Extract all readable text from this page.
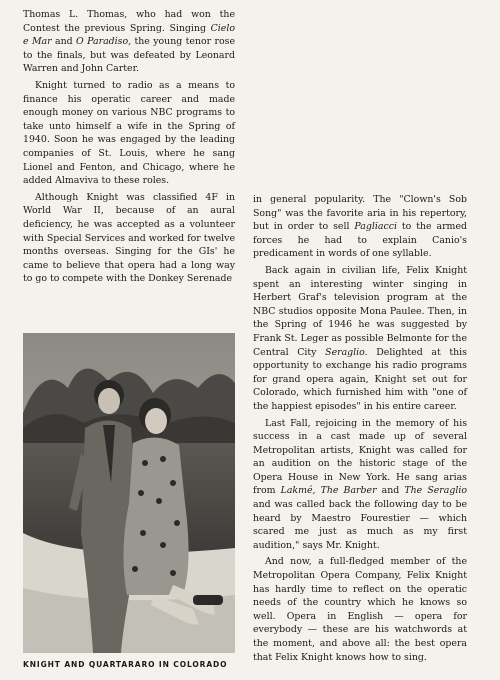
Thomas L. Thomas, who had won the Contest the previous Spring. Singing Cielo e Mar and O Paradiso, the young tenor rose to the finals, but was defeated by Leonard Warren and John Carter.

Knight turned to radio as a means to finance his operatic career and made enough money on various NBC programs to take unto himself a wife in the Spring of 1940. Soon he was engaged by the leading companies of St. Louis, where he sang Lionel and Fenton, and Chicago, where he added Almaviva to these roles.

Although Knight was classified 4F in World War II, because of an aural deficiency, he was accepted as a volunteer with Special Services and worked for twelve months overseas. Singing for the GIs' he came to believe that opera had a long way to go to compete with the Donkey Serenade

KNIGHT AND QUARTARARO IN COLORADO

in general popularity. The "Clown's Sob Song" was the favorite aria in his repertory, but in order to sell Pagliacci to the armed forces he had to explain Canio's predicament in words of one syllable.

Back again in civilian life, Felix Knight spent an interesting winter singing in Herbert Graf's television program at the NBC studios opposite Mona Paulee. Then, in the Spring of 1946 he was suggested by Frank St. Leger as possible Belmonte for the Central City Seraglio. Delighted at this opportunity to exchange his radio programs for grand opera again, Knight set out for Colorado, which furnished him with "one of the happiest episodes" in his entire career.

Last Fall, rejoicing in the memory of his success in a cast made up of several Metropolitan artists, Knight was called for an audition on the historic stage of the Opera House in New York. He sang arias from Lakmé, The Barber and The Seraglio and was called back the following day to be heard by Maestro Fourestier — which scared me just as much as my first audition," says Mr. Knight.

And now, a full-fledged member of the Metropolitan Opera Company, Felix Knight has hardly time to reflect on the operatic needs of the country which he knows so well. Opera in English — opera for everybody — these are his watchwords at the moment, and above all: the best opera that Felix Knight knows how to sing.
